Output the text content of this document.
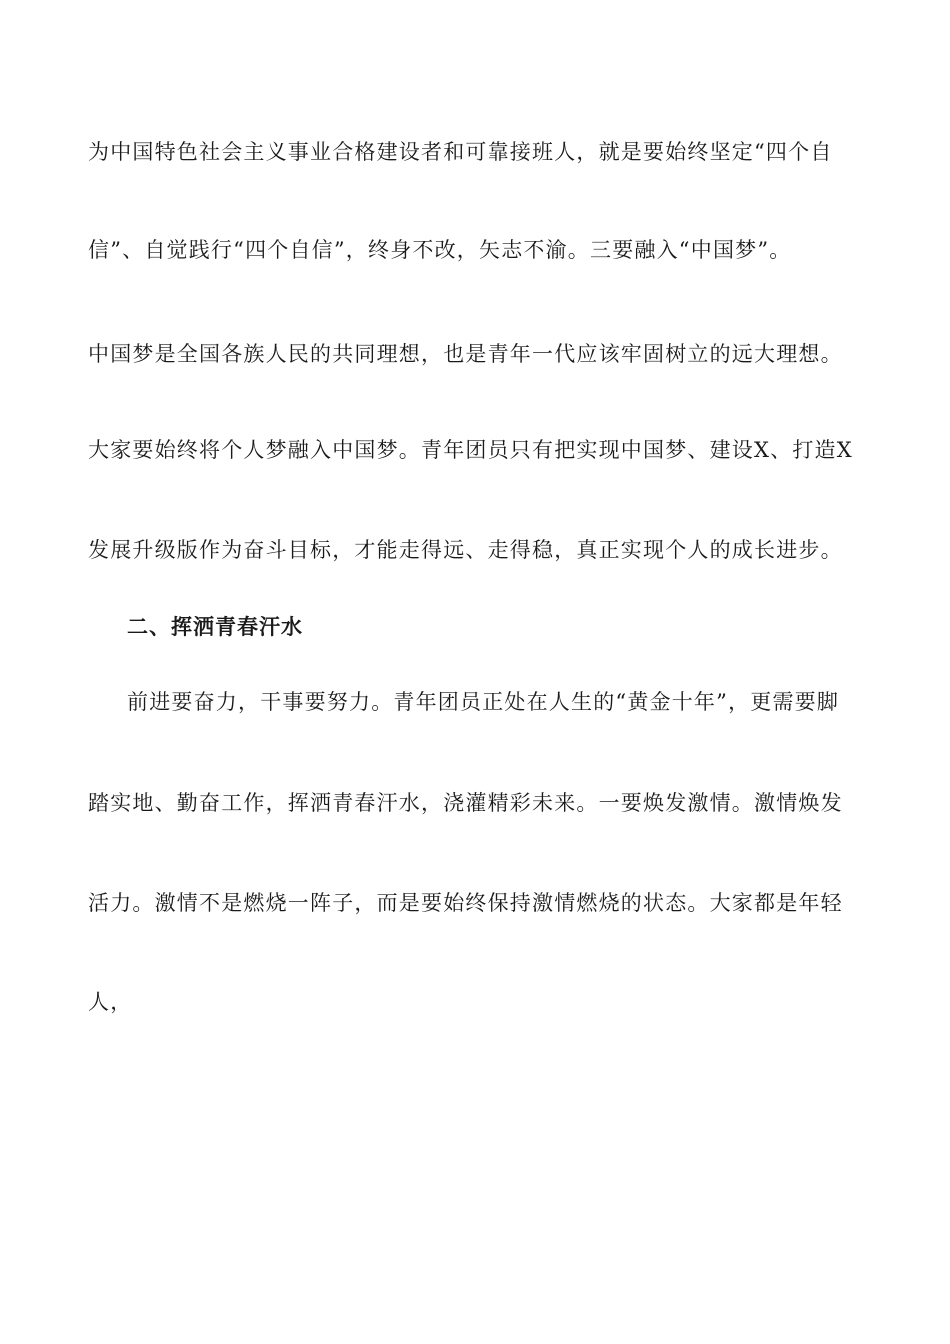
为中国特色社会主义事业合格建设者和可靠接班人，就是要始终坚定“四个自
信”、自觉践行“四个自信”，终身不改，矢志不渝。三要融入“中国梦”。
中国梦是全国各族人民的共同理想，也是青年一代应该牢固树立的远大理想。
大家要始终将个人梦融入中国梦。青年团员只有把实现中国梦、建设X、打造X
发展升级版作为奋斗目标，才能走得远、走得稳，真正实现个人的成长进步。
二、挥洒青春汗水
前进要奋力，干事要努力。青年团员正处在人生的“黄金十年”，更需要脚
踏实地、勤奋工作，挥洒青春汗水，浇灌精彩未来。一要焕发激情。激情焕发
活力。激情不是燃烧一阵子，而是要始终保持激情燃烧的状态。大家都是年轻
人，
